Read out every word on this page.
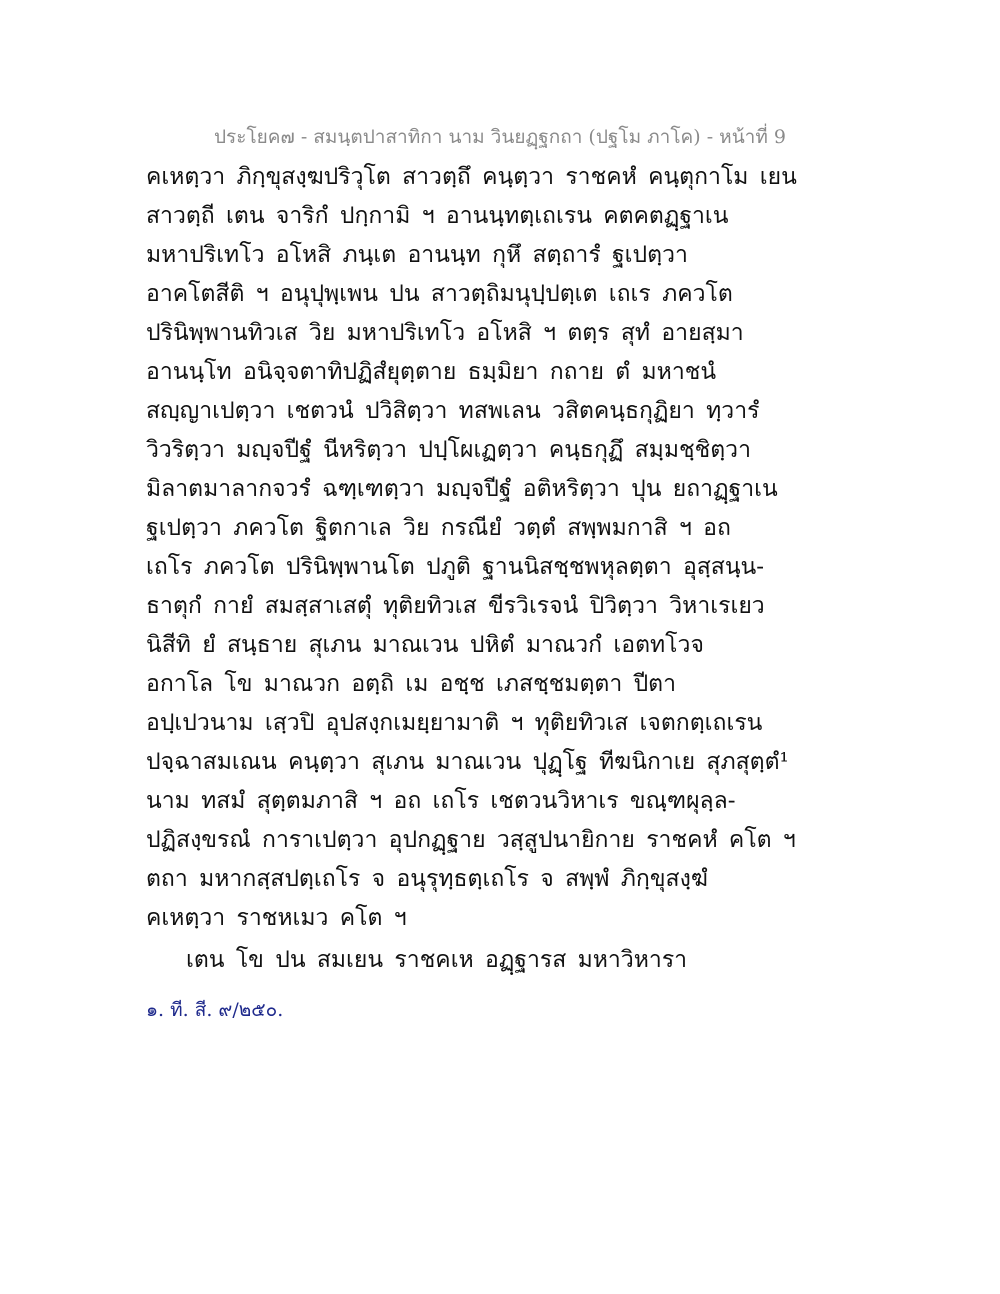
ประโยค๗ - สมนฺตปาสาทิกา นาม วินยฏฺฐกถา (ปฐโม ภาโค) - หน้าที่ 9
คเหตฺวา ภิกฺขุสงฺฆปริวุโต สาวตฺถึ คนฺตฺวา ราชคหํ คนฺตุกาโม เยน
สาวตฺถี เตน จาริกํ ปกฺกามิ ฯ อานนฺทตฺเถเรน คตคตฏฺฐาเน
มหาปริเทโว อโหสิ ภนฺเต อานนฺท กุหึ สตฺถารํ ฐเปตฺวา
อาคโตสีติ ฯ อนุปุพฺเพน ปน สาวตฺถิมนุปฺปตฺเต เถเร ภควโต
ปรินิพฺพานทิวเส วิย มหาปริเทโว อโหสิ ฯ ตตฺร สุทํ อายสฺมา
อานนฺโท อนิจฺจตาทิปฏิสํยุตฺตาย ธมฺมิยา กถาย ตํ มหาชนํ
สญฺญาเปตฺวา เชตวนํ ปวิสิตฺวา ทสพเลน วสิตคนฺธกุฏิยา ทฺวารํ
วิวริตฺวา มญฺจปีฐํ นีหริตฺวา ปปฺโผเฏตฺวา คนฺธกุฏึ สมฺมชฺชิตฺวา
มิลาตมาลากจวรํ ฉฑฺเฑตฺวา มญฺจปีฐํ อติหริตฺวา ปุน ยถาฏฺฐาเน
ฐเปตฺวา ภควโต ฐิตกาเล วิย กรณียํ วตฺตํ สพฺพมกาสิ ฯ อถ
เถโร ภควโต ปรินิพฺพานโต ปภูติ ฐานนิสชฺชพหุลตฺตา อุสฺสนฺน-
ธาตุกํ กายํ สมสฺสาเสตุํ ทุติยทิวเส ขีรวิเรจนํ ปิวิตฺวา วิหาเรเยว
นิสีทิ ยํ สนฺธาย สุเภน มาณเวน ปหิตํ มาณวกํ เอตทโวจ
อกาโล โข มาณวก อตฺถิ เม อชฺช เภสชฺชมตฺตา ปีตา
อปฺเปวนาม เสฺวปิ อุปสงฺกเมยฺยามาติ ฯ ทุติยทิวเส เจตกตฺเถเรน
ปจฺฉาสมเณน คนฺตฺวา สุเภน มาณเวน ปุฏฺโฐ ทีฆนิกาเย สุภสุตฺตํ¹
นาม ทสมํ สุตฺตมภาสิ ฯ อถ เถโร เชตวนวิหาเร ขณฺฑผุลฺล-
ปฏิสงฺขรณํ การาเปตฺวา อุปกฏฺฐาย วสฺสูปนายิกาย ราชคหํ คโต ฯ
ตถา มหากสฺสปตฺเถโร จ อนุรุทฺธตฺเถโร จ สพฺพํ ภิกฺขุสงฺฆํ
คเหตฺวา ราชหเมว คโต ฯ
เตน โข ปน สมเยน ราชคเห อฏฺฐารส มหาวิหารา
๑. ที. สี. ๙/๒๕๐.
